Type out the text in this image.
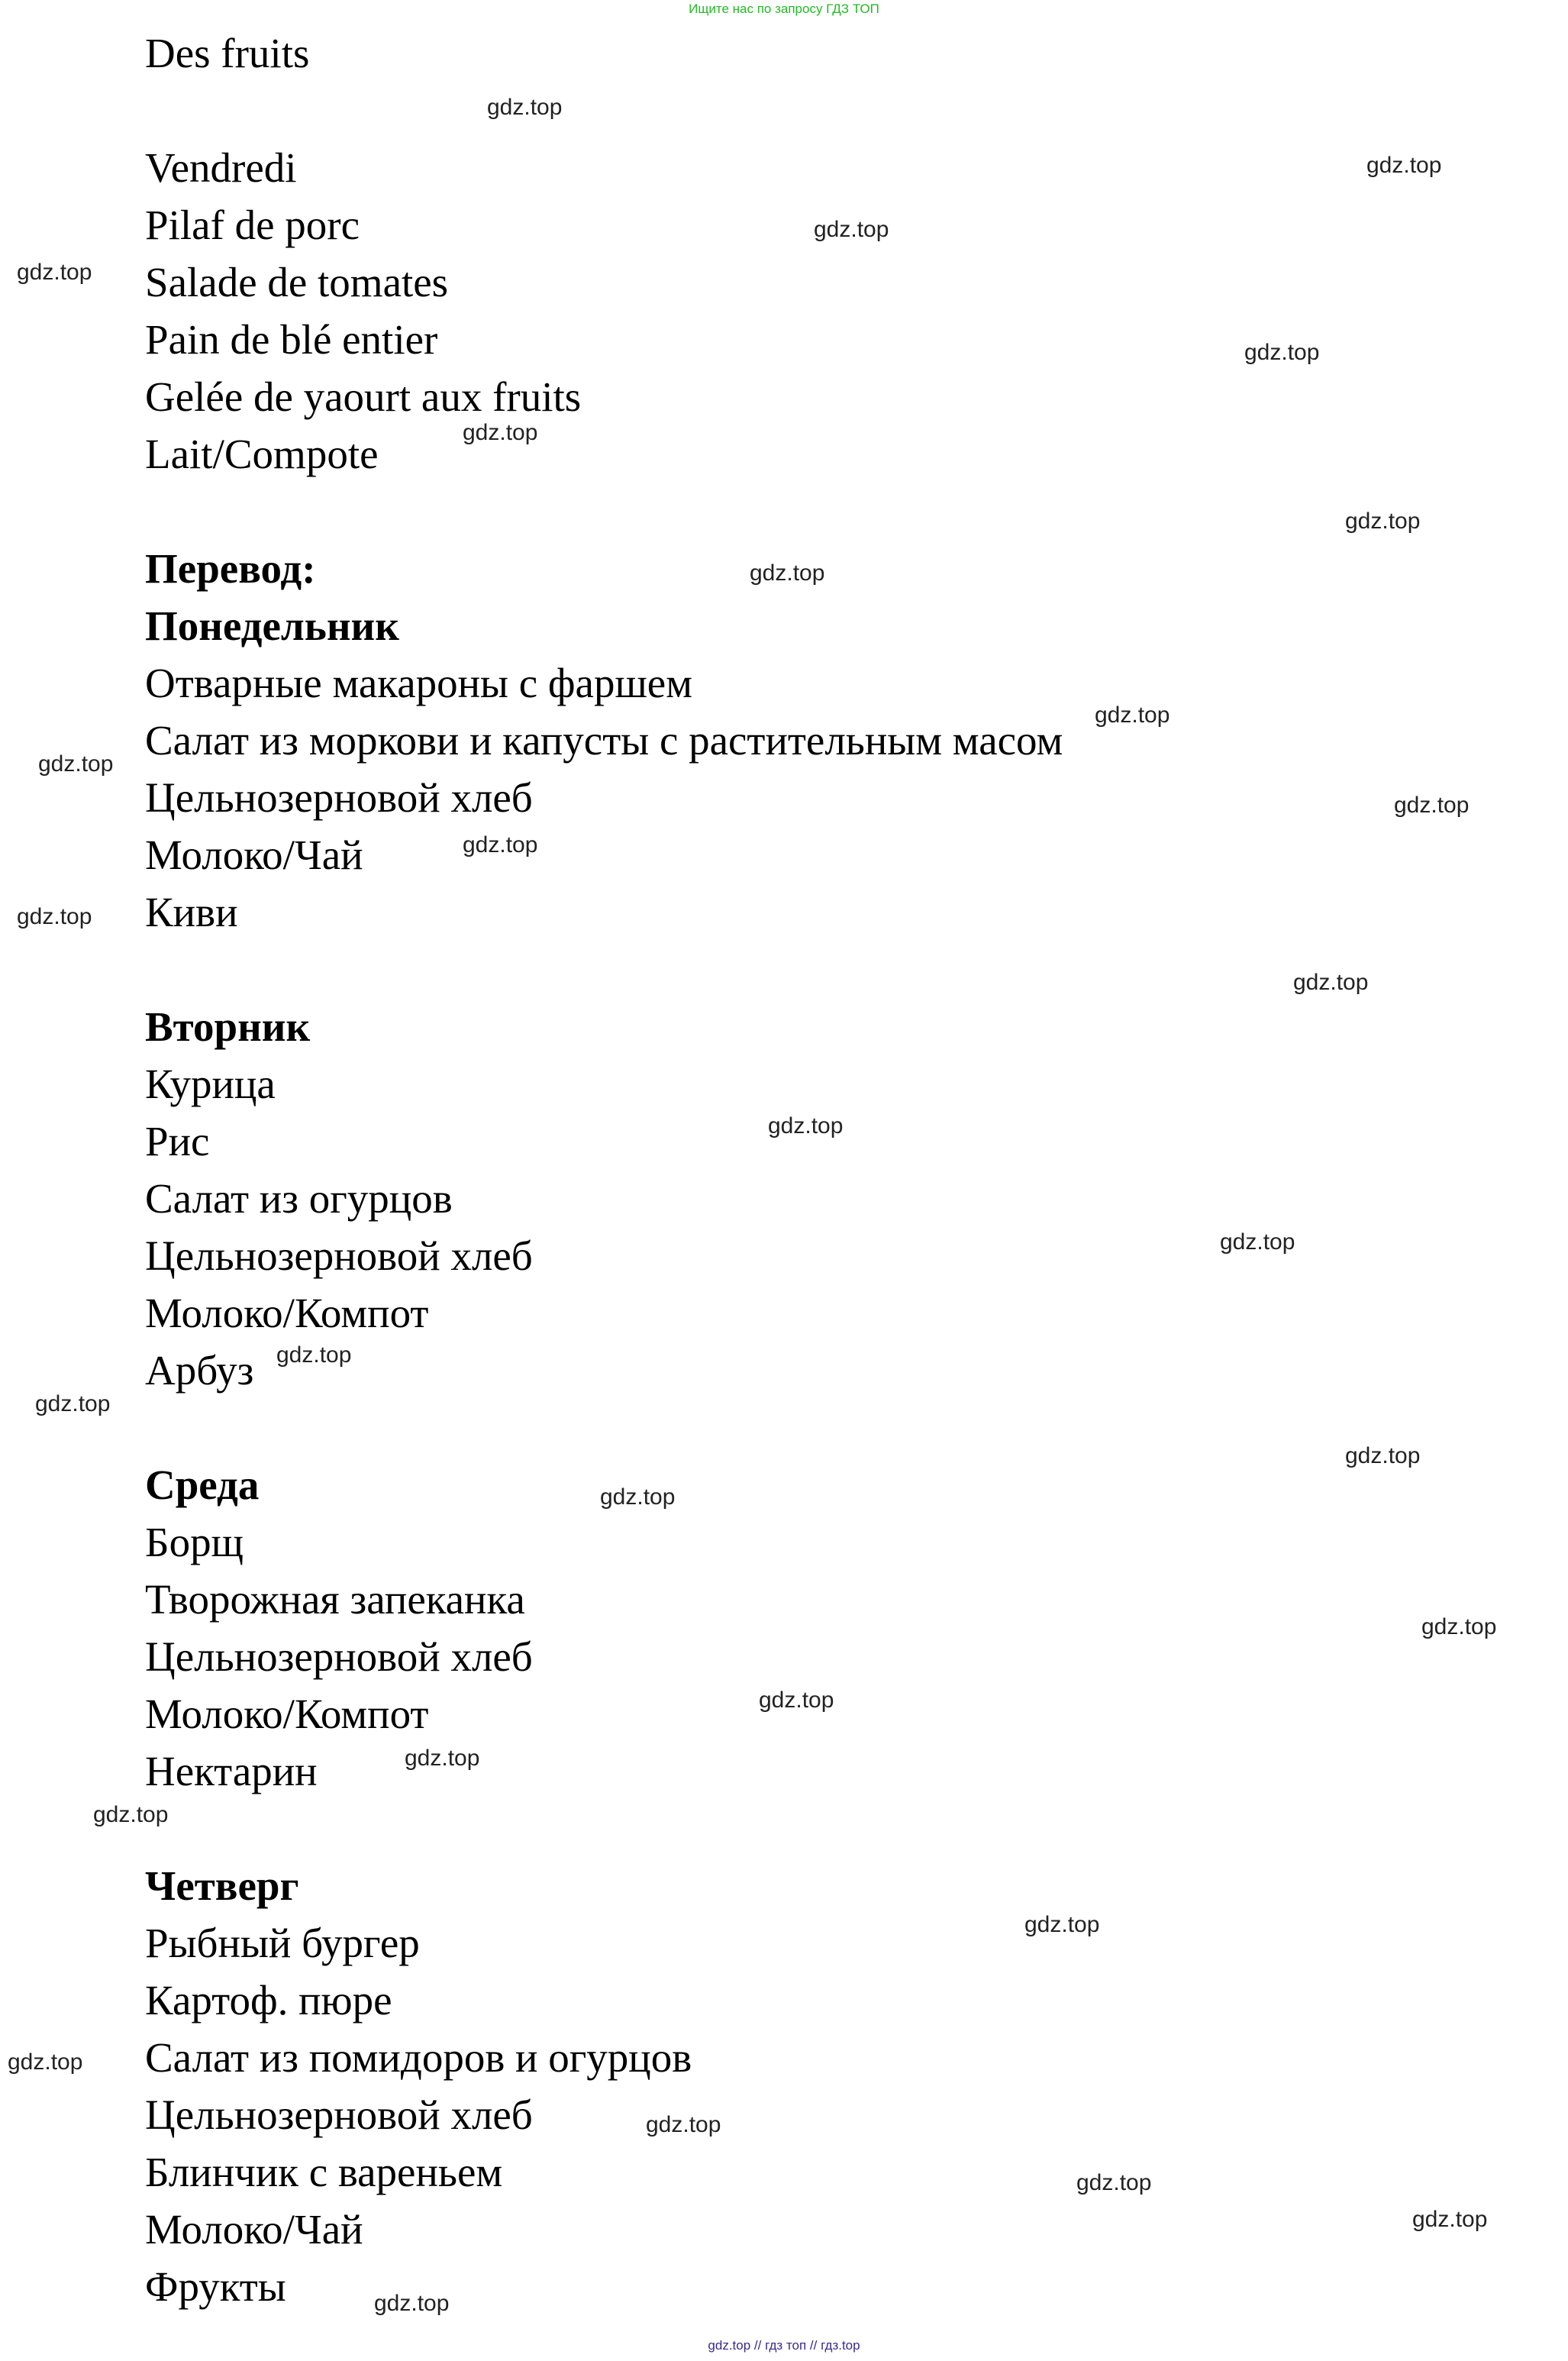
Ищите нас по запросу ГДЗ ТОП
Des fruits
Vendredi
Pilaf de porc
Salade de tomates
Pain de blé entier
Gelée de yaourt aux fruits
Lait/Compote
Перевод:
Понедельник
Отварные макароны с фаршем
Салат из моркови и капусты с растительным масом
Цельнозерновой хлеб
Молоко/Чай
Киви
Вторник
Курица
Рис
Салат из огурцов
Цельнозерновой хлеб
Молоко/Компот
Арбуз
Среда
Борщ
Творожная запеканка
Цельнозерновой хлеб
Молоко/Компот
Нектарин
Четверг
Рыбный бургер
Картоф. пюре
Салат из помидоров и огурцов
Цельнозерновой хлеб
Блинчик с вареньем
Молоко/Чай
Фрукты
gdz.top
gdz.top
gdz.top
gdz.top
gdz.top
gdz.top
gdz.top
gdz.top
gdz.top
gdz.top
gdz.top
gdz.top
gdz.top
gdz.top
gdz.top
gdz.top
gdz.top
gdz.top
gdz.top
gdz.top
gdz.top
gdz.top
gdz.top
gdz.top
gdz.top
gdz.top
gdz.top
gdz.top
gdz.top
gdz.top
gdz.top // гдз топ // гдз.top
